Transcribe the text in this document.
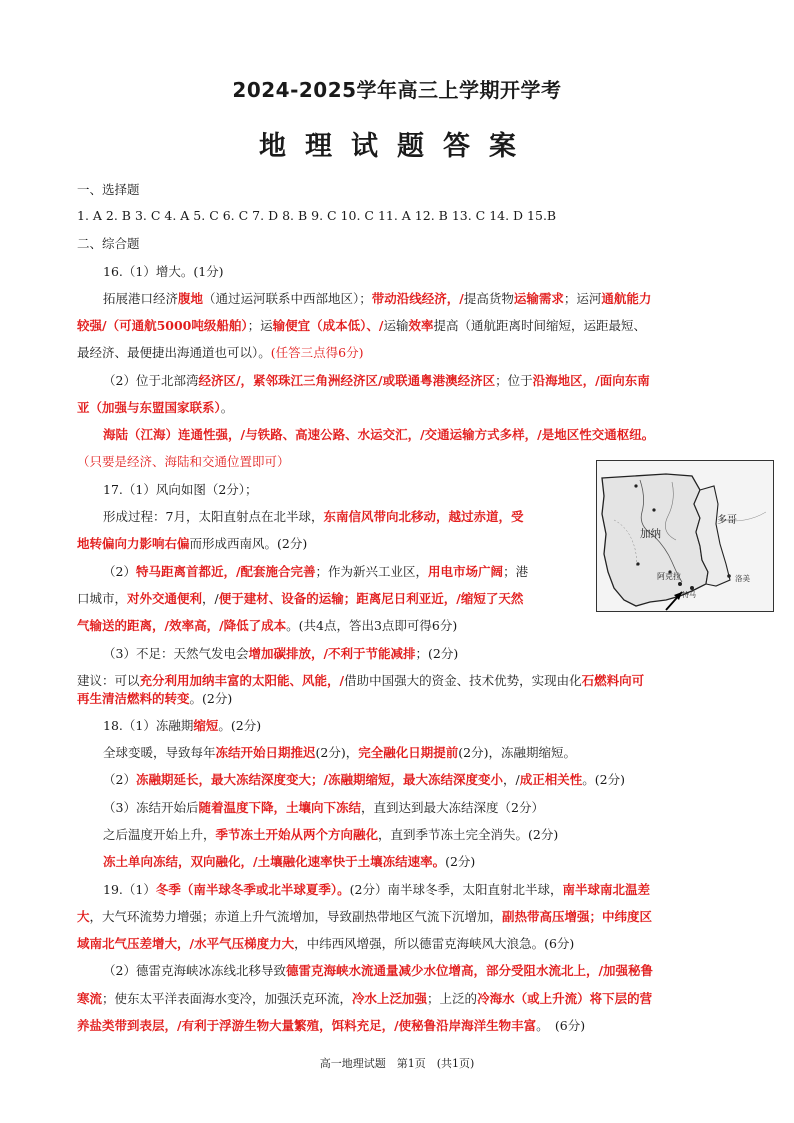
2024-2025学年高三上学期开学考
地理试题答案
一、选择题
1. A 2. B 3. C 4. A 5. C 6. C 7. D 8. B 9. C 10. C 11. A 12. B 13. C 14. D 15.B
二、综合题
16.（1）增大。(1分)
拓展港口经济腹地（通过运河联系中西部地区）；带动沿线经济，/提高货物运输需求；运河通航能力
较强/（可通航5000吨级船舶）；运输便宜（成本低）、/运输效率提高（通航距离时间缩短，运距最短、
最经济、最便捷出海通道也可以）。(任答三点得6分)
（2）位于北部湾经济区/，紧邻珠江三角洲经济区/或联通粤港澳经济区；位于沿海地区，/面向东南
亚（加强与东盟国家联系）。
海陆（江海）连通性强，/与铁路、高速公路、水运交汇，/交通运输方式多样，/是地区性交通枢纽。
（只要是经济、海陆和交通位置即可）
17.（1）风向如图（2分）；
形成过程：7月，太阳直射点在北半球，东南信风带向北移动，越过赤道，受
地转偏向力影响右偏而形成西南风。(2分)
（2）特马距离首都近，/配套施合完善；作为新兴工业区，用电市场广阔；港
口城市，对外交通便利，/便于建材、设备的运输；距离尼日利亚近，/缩短了天然
气输送的距离，/效率高，/降低了成本。(共4点，答出3点即可得6分)
（3）不足：天然气发电会增加碳排放，/不利于节能减排；(2分)
建议：可以充分利用加纳丰富的太阳能、风能，/借助中国强大的资金、技术优势，实现由化石燃料向可
再生清洁燃料的转变。(2分)
18.（1）冻融期缩短。(2分)
全球变暖，导致每年冻结开始日期推迟(2分)，完全融化日期提前(2分)，冻融期缩短。
（2）冻融期延长，最大冻结深度变大；/冻融期缩短，最大冻结深度变小，/成正相关性。(2分)
（3）冻结开始后随着温度下降，土壤向下冻结，直到达到最大冻结深度（2分）
之后温度开始上升，季节冻土开始从两个方向融化，直到季节冻土完全消失。(2分)
冻土单向冻结，双向融化，/土壤融化速率快于土壤冻结速率。(2分)
19.（1）冬季（南半球冬季或北半球夏季）。(2分）南半球冬季，太阳直射北半球，南半球南北温差
大，大气环流势力增强；赤道上升气流增加，导致副热带地区气流下沉增加，副热带高压增强；中纬度区
域南北气压差增大，/水平气压梯度力大，中纬西风增强，所以德雷克海峡风大浪急。(6分)
（2）德雷克海峡冰冻线北移导致德雷克海峡水流通量减少水位增高，部分受阻水流北上，/加强秘鲁
寒流；使东太平洋表面海水变冷，加强沃克环流，冷水上泛加强；上泛的冷海水（或上升流）将下层的营
养盐类带到表层，/有利于浮游生物大量繁殖，饵料充足，/使秘鲁沿岸海洋生物丰富。　(6分)
加纳
多哥
阿克拉
特马
洛美
高一地理试题　第1页　(共1页)
